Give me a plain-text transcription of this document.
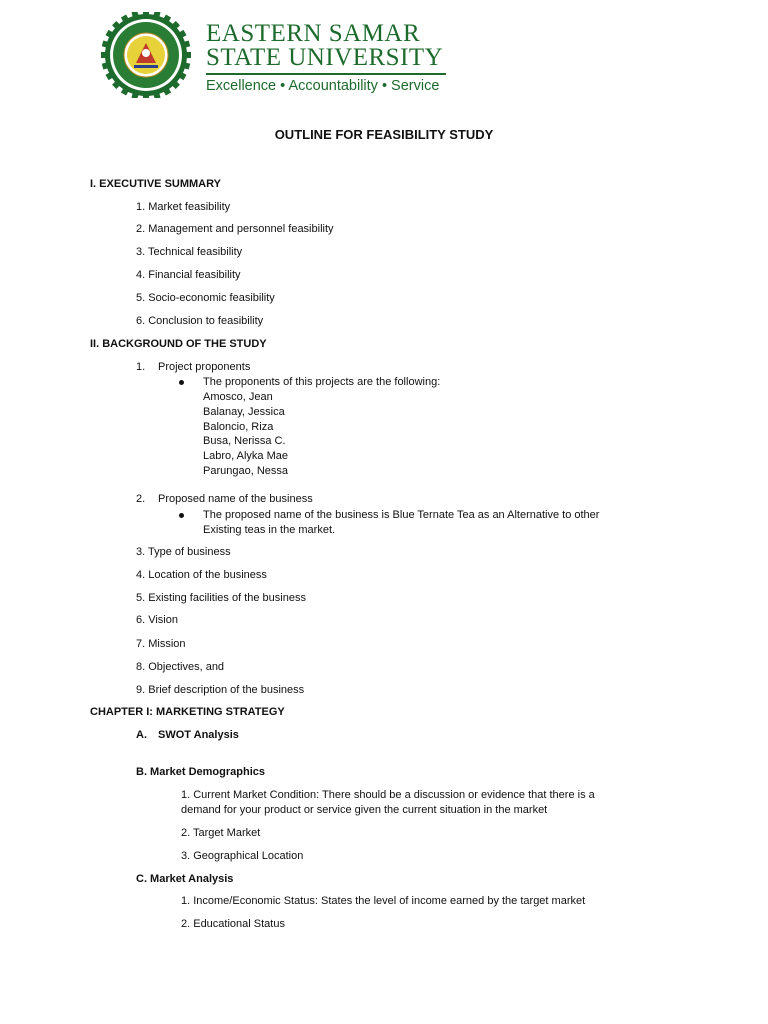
EASTERN SAMAR
STATE UNIVERSITY
Excellence • Accountability • Service
OUTLINE FOR FEASIBILITY STUDY
I. EXECUTIVE SUMMARY
1. Market feasibility
2. Management and personnel feasibility
3. Technical feasibility
4. Financial feasibility
5. Socio-economic feasibility
6. Conclusion to feasibility
II. BACKGROUND OF THE STUDY
1. Project proponents
The proponents of this projects are the following:
Amosco, Jean
Balanay, Jessica
Baloncio, Riza
Busa, Nerissa C.
Labro, Alyka Mae
Parungao, Nessa
2. Proposed name of the business
The proposed name of the business is Blue Ternate Tea as an Alternative to other
Existing teas in the market.
3. Type of business
4. Location of the business
5. Existing facilities of the business
6. Vision
7. Mission
8. Objectives, and
9. Brief description of the business
CHAPTER I: MARKETING STRATEGY
A. SWOT Analysis
B. Market Demographics
1. Current Market Condition: There should be a discussion or evidence that there is a
demand for your product or service given the current situation in the market
2. Target Market
3. Geographical Location
C. Market Analysis
1. Income/Economic Status: States the level of income earned by the target market
2. Educational Status
